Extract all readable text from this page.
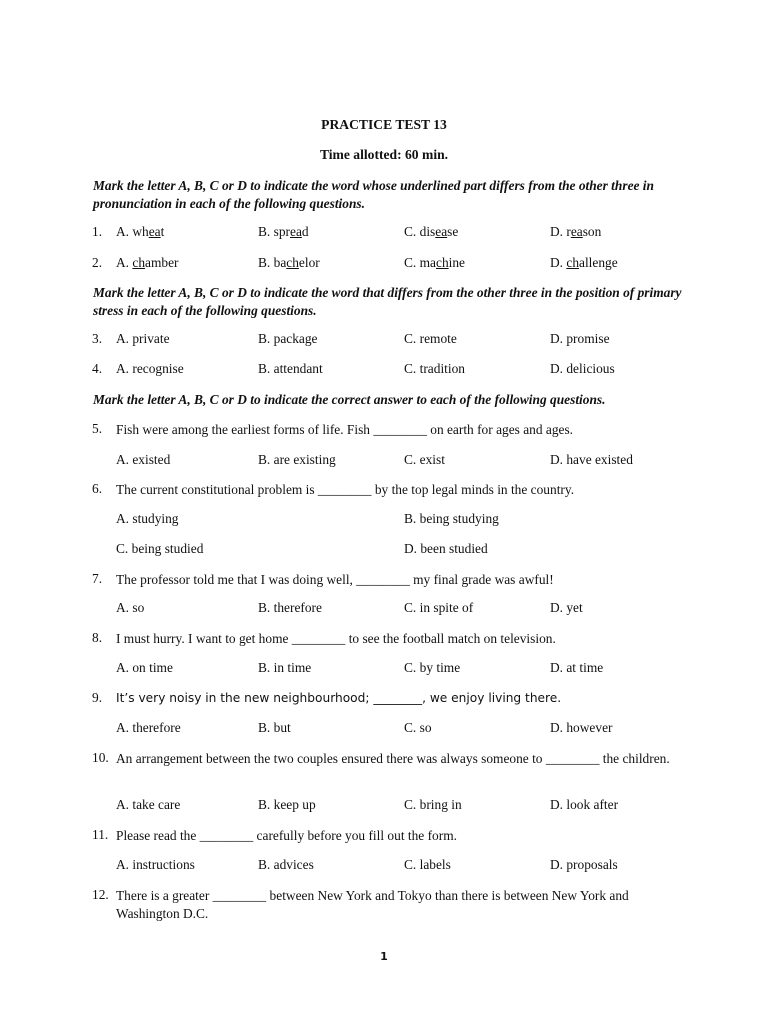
PRACTICE TEST 13
Time allotted: 60 min.
Mark the letter A, B, C or D to indicate the word whose underlined part differs from the other three in pronunciation in each of the following questions.
1. A. wheat	B. spread	C. disease	D. reason
2. A. chamber	B. bachelor	C. machine	D. challenge
Mark the letter A, B, C or D to indicate the word that differs from the other three in the position of primary stress in each of the following questions.
3. A. private	B. package	C. remote	D. promise
4. A. recognise	B. attendant	C. tradition	D. delicious
Mark the letter A, B, C or D to indicate the correct answer to each of the following questions.
5. Fish were among the earliest forms of life. Fish ________ on earth for ages and ages.
A. existed	B. are existing	C. exist	D. have existed
6. The current constitutional problem is ________ by the top legal minds in the country.
A. studying	B. being studying
C. being studied	D. been studied
7. The professor told me that I was doing well, ________ my final grade was awful!
A. so	B. therefore	C. in spite of	D. yet
8. I must hurry. I want to get home ________ to see the football match on television.
A. on time	B. in time	C. by time	D. at time
9. It’s very noisy in the new neighbourhood; ________, we enjoy living there.
A. therefore	B. but	C. so	D. however
10. An arrangement between the two couples ensured there was always someone to ________ the children.
A. take care	B. keep up	C. bring in	D. look after
11. Please read the ________ carefully before you fill out the form.
A. instructions	B. advices	C. labels	D. proposals
12. There is a greater ________ between New York and Tokyo than there is between New York and Washington D.C.
1
